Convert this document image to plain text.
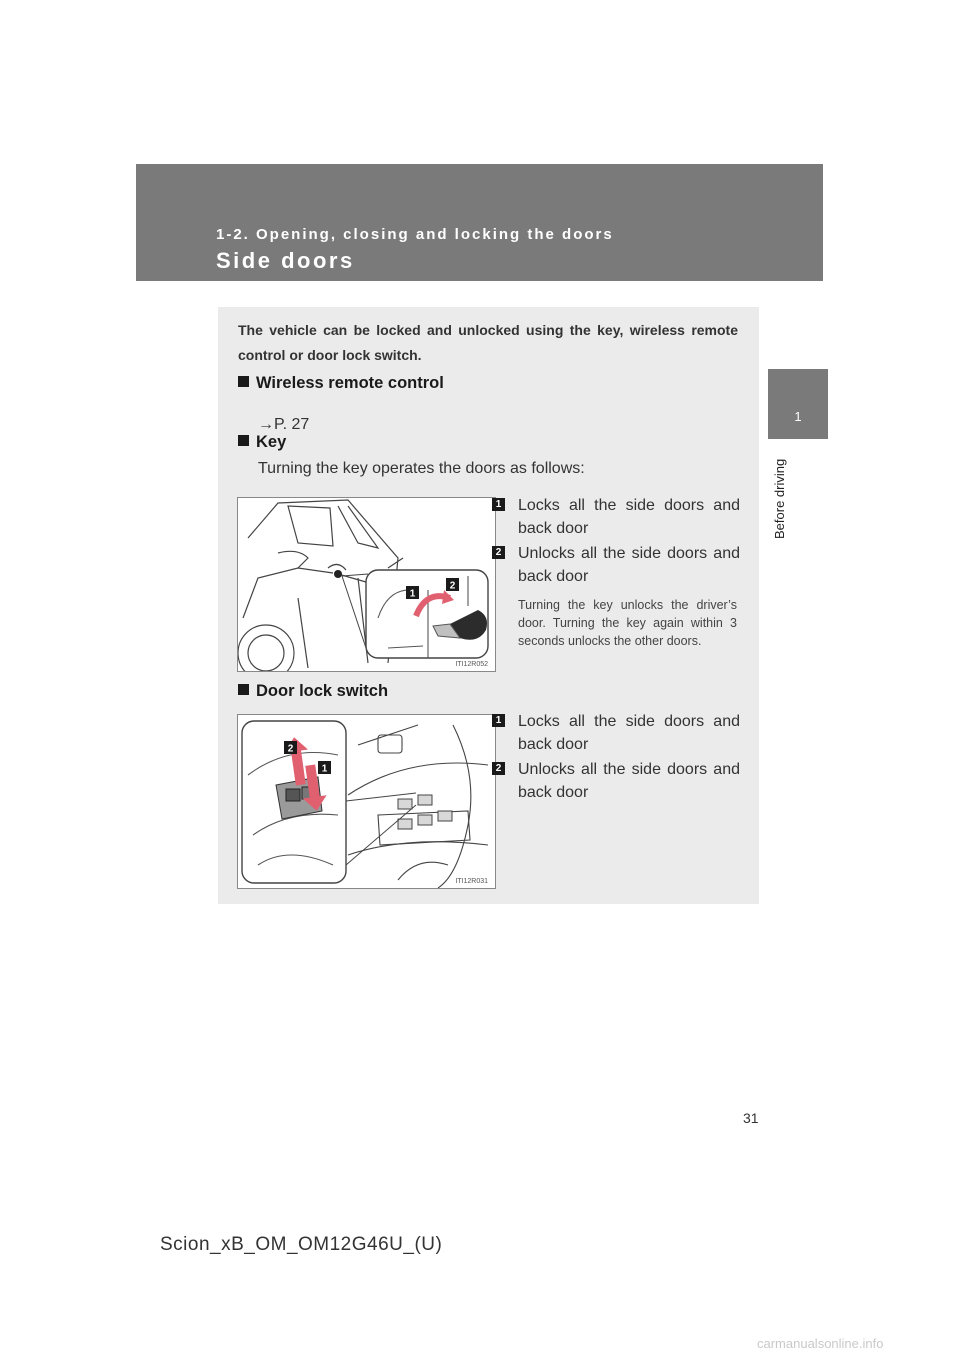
1-2. Opening, closing and locking the doors
Side doors
1
Before driving
The vehicle can be locked and unlocked using the key, wireless remote control or door lock switch.
Wireless remote control
→P. 27
Key
Turning the key operates the doors as follows:
1
2
ITI12R052
1 Locks all the side doors and back door
2 Unlocks all the side doors and back door
Turning the key unlocks the driver’s door. Turning the key again within 3 seconds unlocks the other doors.
Door lock switch
2
1
ITI12R031
1 Locks all the side doors and back door
2 Unlocks all the side doors and back door
31
Scion_xB_OM_OM12G46U_(U)
carmanualsonline.info
